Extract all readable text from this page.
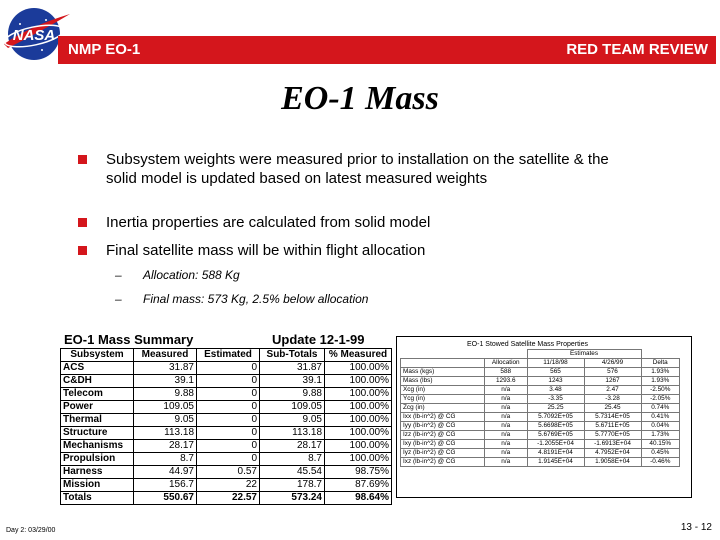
NASA
NMP EO-1	RED TEAM REVIEW
EO-1 Mass
Subsystem weights were measured prior to installation on the satellite & the solid model is updated based on latest measured weights
Inertia properties are calculated from solid model
Final satellite mass will be within flight allocation
– Allocation: 588 Kg
– Final mass: 573 Kg, 2.5% below allocation
EO-1 Mass Summary	Update 12-1-99
Subsystem	Measured	Estimated	Sub-Totals	% Measured
ACS	31.87	0	31.87	100.00%
C&DH	39.1	0	39.1	100.00%
Telecom	9.88	0	9.88	100.00%
Power	109.05	0	109.05	100.00%
Thermal	9.05	0	9.05	100.00%
Structure	113.18	0	113.18	100.00%
Mechanisms	28.17	0	28.17	100.00%
Propulsion	8.7	0	8.7	100.00%
Harness	44.97	0.57	45.54	98.75%
Mission	156.7	22	178.7	87.69%
Totals	550.67	22.57	573.24	98.64%
EO-1 Stowed Satellite Mass Properties
		Estimates		
	Allocation	11/18/98	4/26/99	Delta
Mass (kgs)	588	565	576	1.93%
Mass (lbs)	1293.6	1243	1267	1.93%
Xcg (in)	n/a	3.48	2.47	-2.50%
Ycg (in)	n/a	-3.35	-3.28	-2.05%
Zcg (in)	n/a	25.25	25.45	0.74%
Ixx (lb-in^2) @ CG	n/a	5.7092E+05	5.7314E+05	0.41%
Iyy (lb-in^2) @ CG	n/a	5.6698E+05	5.6711E+05	0.04%
Izz (lb-in^2) @ CG	n/a	5.6769E+05	5.7770E+05	1.73%
Ixy (lb-in^2) @ CG	n/a	-1.2055E+04	-1.6913E+04	40.15%
Iyz (lb-in^2) @ CG	n/a	4.8191E+04	4.7952E+04	0.45%
Ixz (lb-in^2) @ CG	n/a	1.9145E+04	1.9058E+04	-0.46%
Day 2: 03/29/00	13 - 12
